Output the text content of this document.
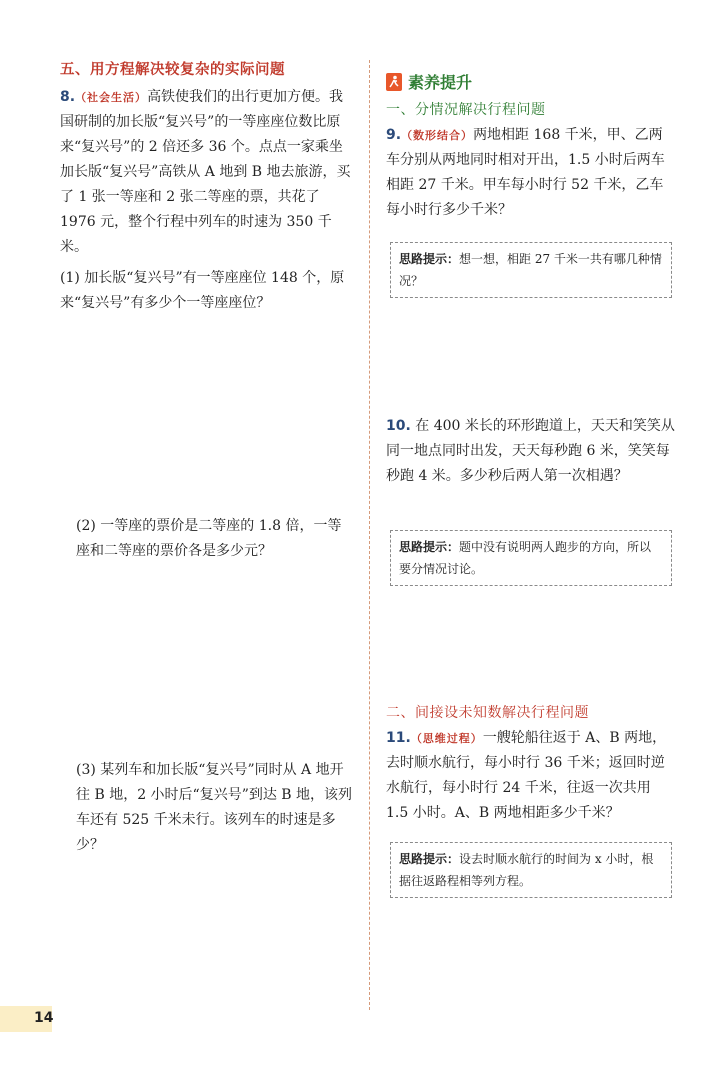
五、用方程解决较复杂的实际问题
8.（社会生活）高铁使我们的出行更加方便。我国研制的加长版“复兴号”的一等座座位数比原来“复兴号”的 2 倍还多 36 个。点点一家乘坐加长版“复兴号”高铁从 A 地到 B 地去旅游，买了 1 张一等座和 2 张二等座的票，共花了 1976 元，整个行程中列车的时速为 350 千米。
(1) 加长版“复兴号”有一等座座位 148 个，原来“复兴号”有多少个一等座座位？
(2) 一等座的票价是二等座的 1.8 倍，一等座和二等座的票价各是多少元？
(3) 某列车和加长版“复兴号”同时从 A 地开往 B 地，2 小时后“复兴号”到达 B 地，该列车还有 525 千米未行。该列车的时速是多少？
素养提升
一、分情况解决行程问题
9.（数形结合）两地相距 168 千米，甲、乙两车分别从两地同时相对开出，1.5 小时后两车相距 27 千米。甲车每小时行 52 千米，乙车每小时行多少千米？
思路提示：想一想，相距 27 千米一共有哪几种情况？
10. 在 400 米长的环形跑道上，天天和笑笑从同一地点同时出发，天天每秒跑 6 米，笑笑每秒跑 4 米。多少秒后两人第一次相遇？
思路提示：题中没有说明两人跑步的方向，所以要分情况讨论。
二、间接设未知数解决行程问题
11.（思维过程）一艘轮船往返于 A、B 两地，去时顺水航行，每小时行 36 千米；返回时逆水航行，每小时行 24 千米，往返一次共用 1.5 小时。A、B 两地相距多少千米？
思路提示：设去时顺水航行的时间为 x 小时，根据往返路程相等列方程。
14
